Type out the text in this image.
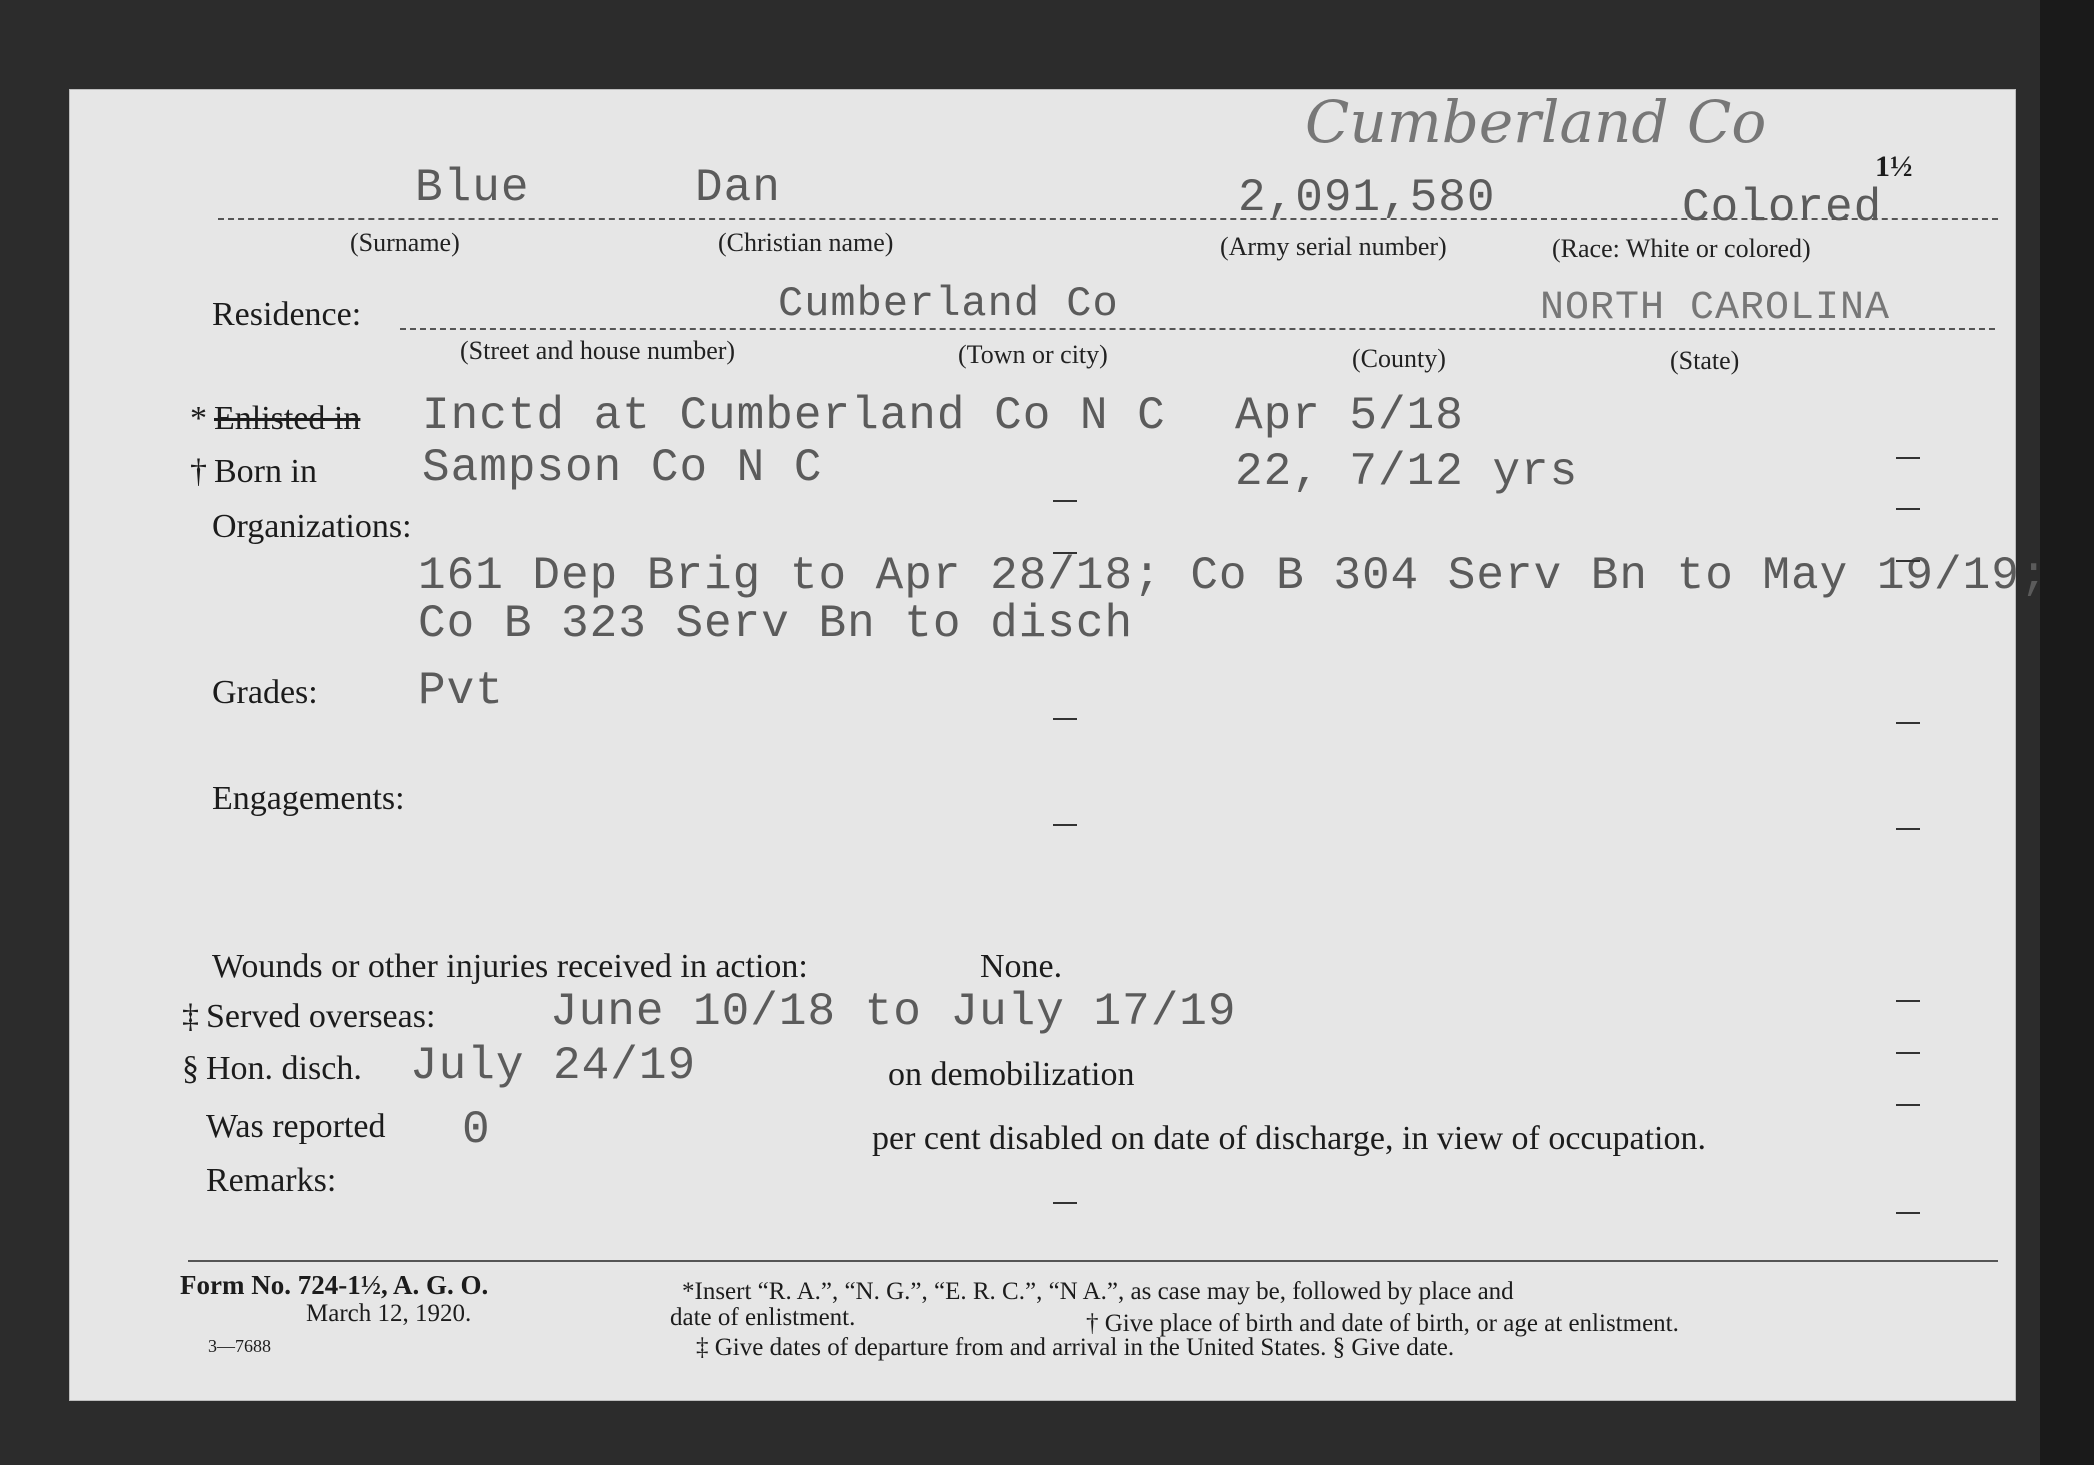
Cumberland Co
1½
Blue	Dan	2,091,580	Colored
(Surname)	(Christian name)	(Army serial number)	(Race: White or colored)
Residence:	Cumberland Co	NORTH CAROLINA
(Street and house number)	(Town or city)	(County)	(State)
* Enlisted in Inctd at Cumberland Co N C Apr 5/18
† Born in Sampson Co N C	22, 7/12 yrs
Organizations:
161 Dep Brig to Apr 28/18; Co B 304 Serv Bn to May 19/19;
Co B 323 Serv Bn to disch
Grades: Pvt
Engagements:
Wounds or other injuries received in action:	None.
‡ Served overseas: June 10/18 to July 17/19
§ Hon. disch. July 24/19	on demobilization
Was reported 0	per cent disabled on date of discharge, in view of occupation.
Remarks:
Form No. 724-1½, A. G. O.
March 12, 1920.
3—7688
*Insert “R. A.”, “N. G.”, “E. R. C.”, “N A.”, as case may be, followed by place and
date of enlistment.	† Give place of birth and date of birth, or age at enlistment.
‡ Give dates of departure from and arrival in the United States. § Give date.
